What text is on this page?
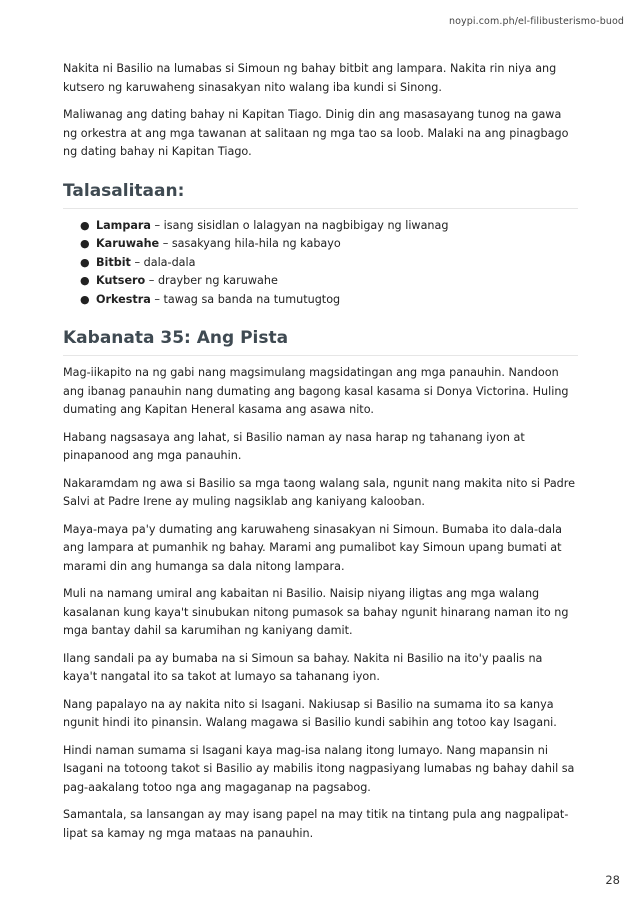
noypi.com.ph/el-filibusterismo-buod

Nakita ni Basilio na lumabas si Simoun ng bahay bitbit ang lampara. Nakita rin niya ang kutsero ng karuwaheng sinasakyan nito walang iba kundi si Sinong.

Maliwanag ang dating bahay ni Kapitan Tiago. Dinig din ang masasayang tunog na gawa ng orkestra at ang mga tawanan at salitaan ng mga tao sa loob. Malaki na ang pinagbago ng dating bahay ni Kapitan Tiago.

Talasalitaan:
● Lampara – isang sisidlan o lalagyan na nagbibigay ng liwanag
● Karuwahe – sasakyang hila-hila ng kabayo
● Bitbit – dala-dala
● Kutsero – drayber ng karuwahe
● Orkestra – tawag sa banda na tumutugtog
Kabanata 35: Ang Pista

Mag-iikapito na ng gabi nang magsimulang magsidatingan ang mga panauhin. Nandoon ang ibanag panauhin nang dumating ang bagong kasal kasama si Donya Victorina. Huling dumating ang Kapitan Heneral kasama ang asawa nito.

Habang nagsasaya ang lahat, si Basilio naman ay nasa harap ng tahanang iyon at pinapanood ang mga panauhin.

Nakaramdam ng awa si Basilio sa mga taong walang sala, ngunit nang makita nito si Padre Salvi at Padre Irene ay muling nagsiklab ang kaniyang kalooban.

Maya-maya pa'y dumating ang karuwaheng sinasakyan ni Simoun. Bumaba ito dala-dala ang lampara at pumanhik ng bahay. Marami ang pumalibot kay Simoun upang bumati at marami din ang humanga sa dala nitong lampara.

Muli na namang umiral ang kabaitan ni Basilio. Naisip niyang iligtas ang mga walang kasalanan kung kaya't sinubukan nitong pumasok sa bahay ngunit hinarang naman ito ng mga bantay dahil sa karumihan ng kaniyang damit.

Ilang sandali pa ay bumaba na si Simoun sa bahay. Nakita ni Basilio na ito'y paalis na kaya't nangatal ito sa takot at lumayo sa tahanang iyon.

Nang papalayo na ay nakita nito si Isagani. Nakiusap si Basilio na sumama ito sa kanya ngunit hindi ito pinansin. Walang magawa si Basilio kundi sabihin ang totoo kay Isagani.

Hindi naman sumama si Isagani kaya mag-isa nalang itong lumayo. Nang mapansin ni Isagani na totoong takot si Basilio ay mabilis itong nagpasiyang lumabas ng bahay dahil sa pag-aakalang totoo nga ang magaganap na pagsabog.

Samantala, sa lansangan ay may isang papel na may titik na tintang pula ang nagpalipat-lipat sa kamay ng mga mataas na panauhin.

28
